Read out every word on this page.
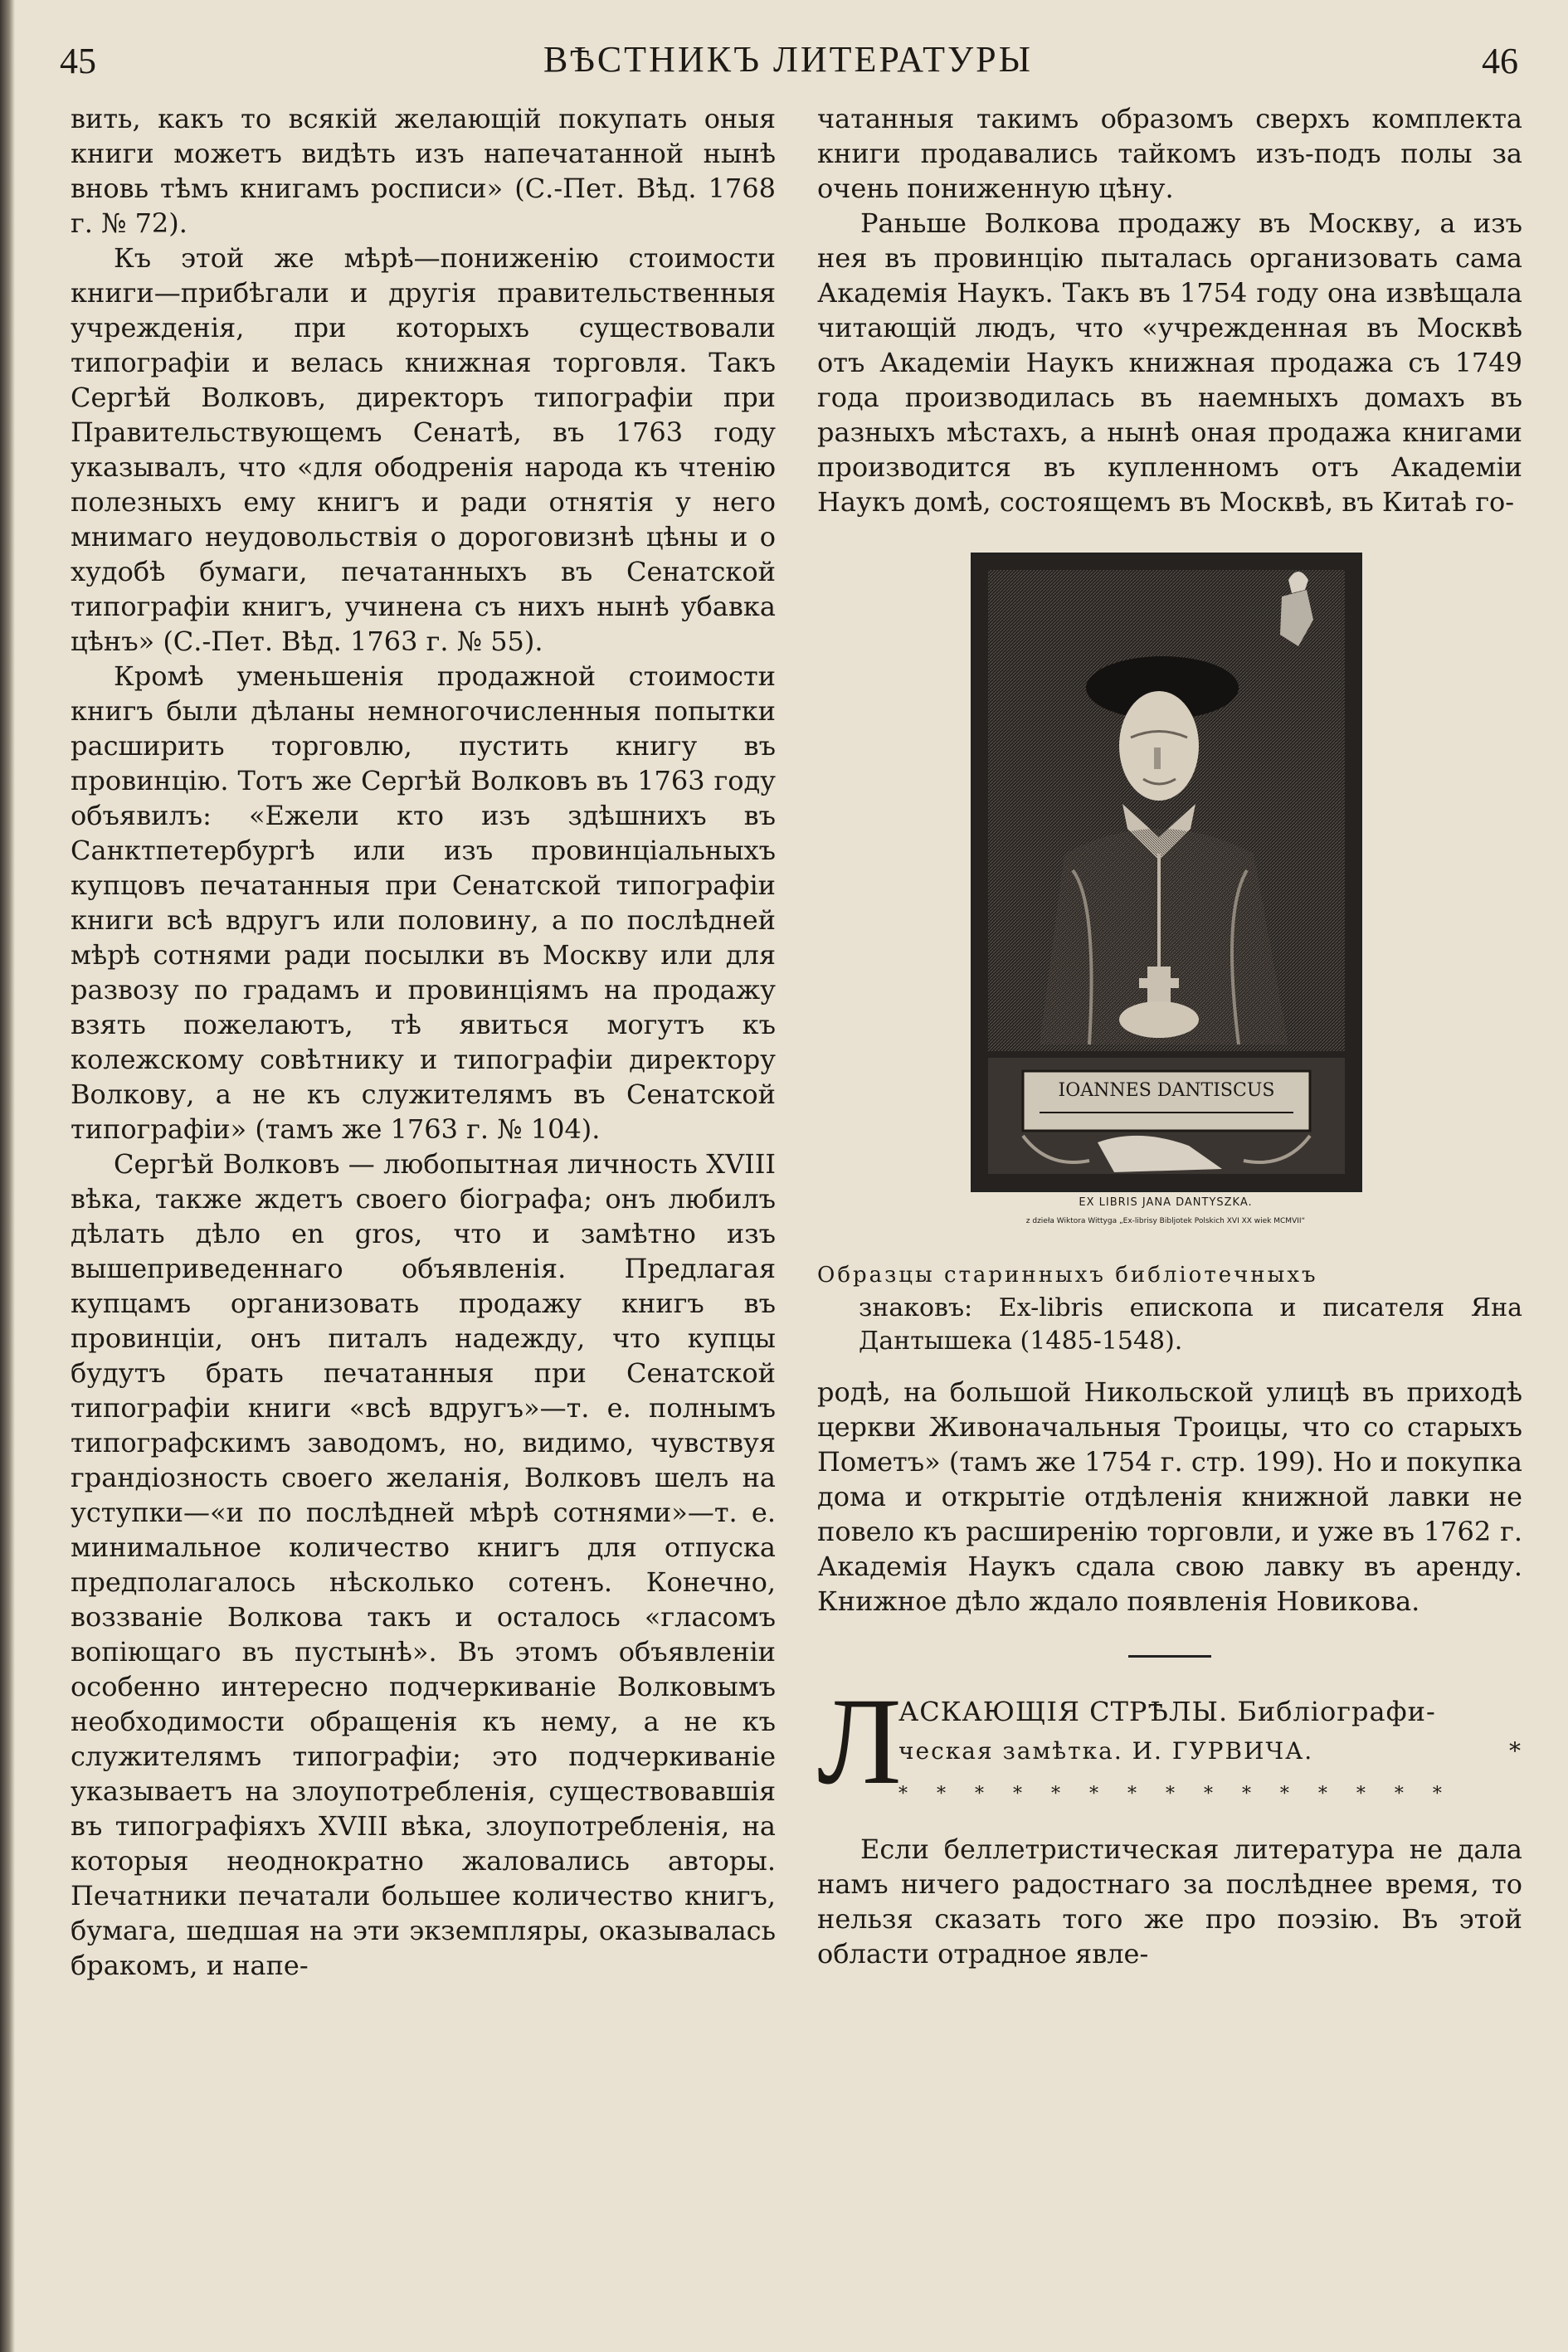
45	ВѢСТНИКЪ ЛИТЕРАТУРЫ	46

вить, какъ то всякій желающій покупать оныя книги можетъ видѣть изъ напечатанной нынѣ вновь тѣмъ книгамъ росписи» (С.-Пет. Вѣд. 1768 г. № 72).

Къ этой же мѣрѣ—пониженію стоимости книги—прибѣгали и другія правительственныя учрежденія, при которыхъ существовали типографіи и велась книжная торговля. Такъ Сергѣй Волковъ, директоръ типографіи при Правительствующемъ Сенатѣ, въ 1763 году указывалъ, что «для ободренія народа къ чтенію полезныхъ ему книгъ и ради отнятія у него мнимаго неудовольствія о дороговизнѣ цѣны и о худобѣ бумаги, печатанныхъ въ Сенатской типографіи книгъ, учинена съ нихъ нынѣ убавка цѣнъ» (С.-Пет. Вѣд. 1763 г. № 55).

Кромѣ уменьшенія продажной стоимости книгъ были дѣланы немногочисленныя попытки расширить торговлю, пустить книгу въ провинцію. Тотъ же Сергѣй Волковъ въ 1763 году объявилъ: «Ежели кто изъ здѣшнихъ въ Санктпетербургѣ или изъ провинціальныхъ купцовъ печатанныя при Сенатской типографіи книги всѣ вдругъ или половину, а по послѣдней мѣрѣ сотнями ради посылки въ Москву или для развозу по градамъ и провинціямъ на продажу взять пожелаютъ, тѣ явиться могутъ къ колежскому совѣтнику и типографіи директору Волкову, а не къ служителямъ въ Сенатской типографіи» (тамъ же 1763 г. № 104).

Сергѣй Волковъ — любопытная личность XVIII вѣка, также ждетъ своего біографа; онъ любилъ дѣлать дѣло en gros, что и замѣтно изъ вышеприведеннаго объявленія. Предлагая купцамъ организовать продажу книгъ въ провинціи, онъ питалъ надежду, что купцы будутъ брать печатанныя при Сенатской типографіи книги «всѣ вдругъ»—т. е. полнымъ типографскимъ заводомъ, но, видимо, чувствуя грандіозность своего желанія, Волковъ шелъ на уступки—«и по послѣдней мѣрѣ сотнями»—т. е. минимальное количество книгъ для отпуска предполагалось нѣсколько сотенъ. Конечно, воззваніе Волкова такъ и осталось «гласомъ вопіющаго въ пустынѣ». Въ этомъ объявленіи особенно интересно подчеркиваніе Волковымъ необходимости обращенія къ нему, а не къ служителямъ типографіи; это подчеркиваніе указываетъ на злоупотребленія, существовавшія въ типографіяхъ XVIII вѣка, злоупотребленія, на которыя неоднократно жаловались авторы. Печатники печатали большее количество книгъ, бумага, шедшая на эти экземпляры, оказывалась бракомъ, и напе-

чатанныя такимъ образомъ сверхъ комплекта книги продавались тайкомъ изъ-подъ полы за очень пониженную цѣну.

Раньше Волкова продажу въ Москву, а изъ нея въ провинцію пыталась организовать сама Академія Наукъ. Такъ въ 1754 году она извѣщала читающій людъ, что «учрежденная въ Москвѣ отъ Академіи Наукъ книжная продажа съ 1749 года производилась въ наемныхъ домахъ въ разныхъ мѣстахъ, а нынѣ оная продажа книгами производится въ купленномъ отъ Академіи Наукъ домѣ, состоящемъ въ Москвѣ, въ Китаѣ го-

IOANNES DANTISCUS
EX LIBRIS JANA DANTYSZKA.
z dzieła Wiktora Wittyga „Ex-librisy Bibljotek Polskich XVI XX wiek MCMVII“
Образцы старинныхъ библіотечныхъ
знаковъ: Ex-libris епископа и писателя Яна Дантышека (1485-1548).

родѣ, на большой Никольской улицѣ въ приходѣ церкви Живоначальныя Троицы, что со старыхъ Пометъ» (тамъ же 1754 г. стр. 199). Но и покупка дома и открытіе отдѣленія книжной лавки не повело къ расширенію торговли, и уже въ 1762 г. Академія Наукъ сдала свою лавку въ аренду. Книжное дѣло ждало появленія Новикова.

Л
АСКАЮЩІЯ СТРѢЛЫ. Библіографи-
ческая замѣтка. И. ГУРВИЧА.	*
* * * * * * * * * * * * * * *

Если беллетристическая литература не дала намъ ничего радостнаго за послѣднее время, то нельзя сказать того же про поэзію. Въ этой области отрадное явле-
